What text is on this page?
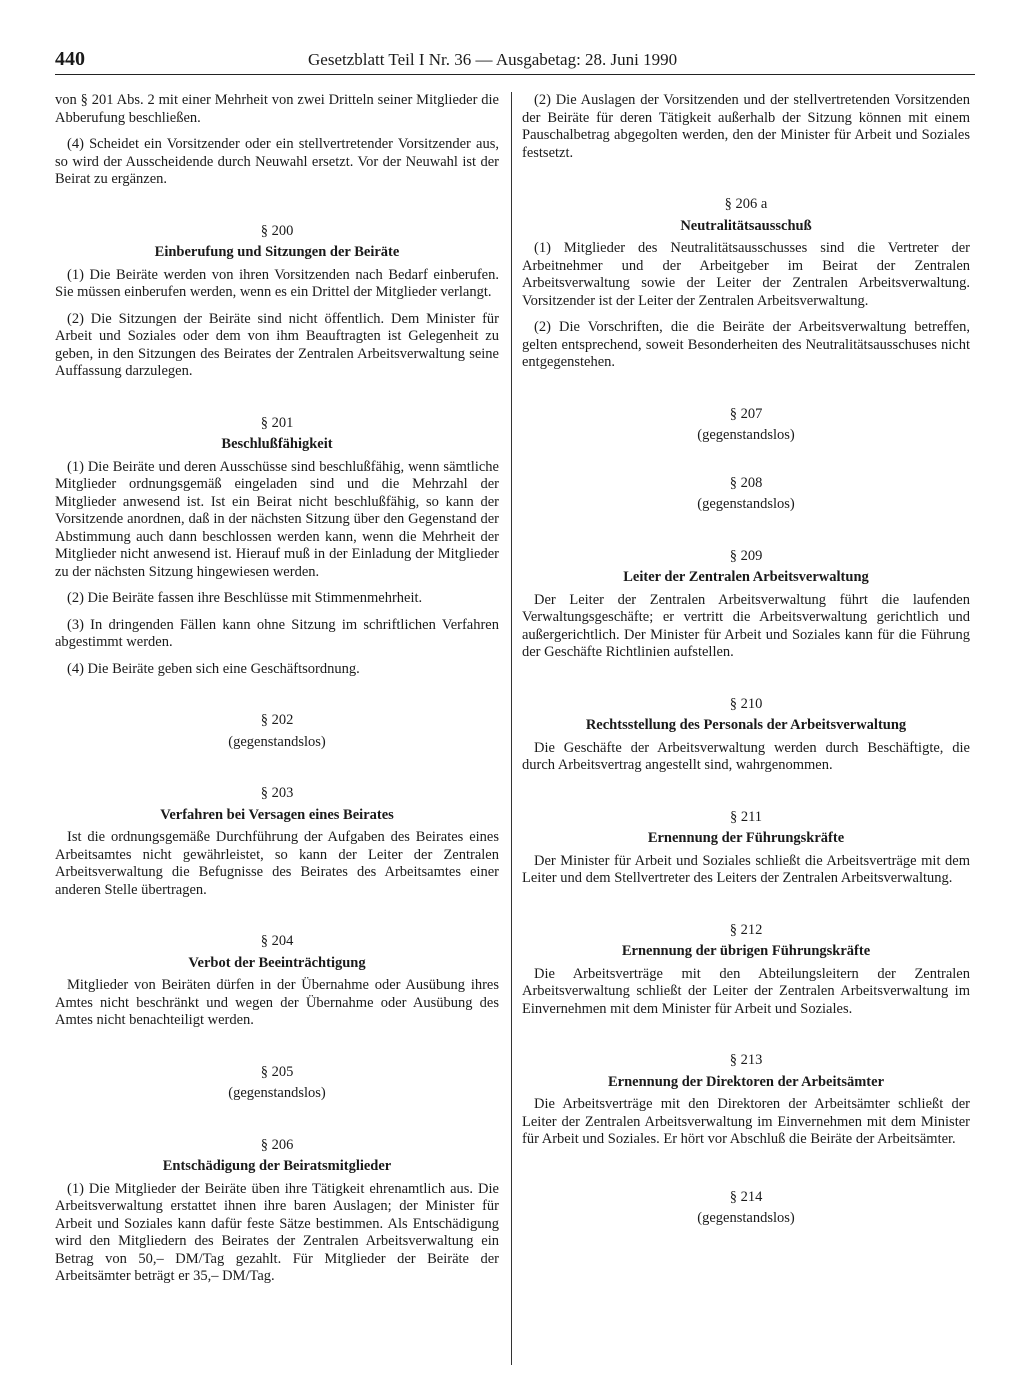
440	Gesetzblatt Teil I Nr. 36 — Ausgabetag: 28. Juni 1990

von § 201 Abs. 2 mit einer Mehrheit von zwei Dritteln seiner Mitglieder die Abberufung beschließen.

(4) Scheidet ein Vorsitzender oder ein stellvertretender Vorsitzender aus, so wird der Ausscheidende durch Neuwahl ersetzt. Vor der Neuwahl ist der Beirat zu ergänzen.

§ 200
Einberufung und Sitzungen der Beiräte

(1) Die Beiräte werden von ihren Vorsitzenden nach Bedarf einberufen. Sie müssen einberufen werden, wenn es ein Drittel der Mitglieder verlangt.

(2) Die Sitzungen der Beiräte sind nicht öffentlich. Dem Minister für Arbeit und Soziales oder dem von ihm Beauftragten ist Gelegenheit zu geben, in den Sitzungen des Beirates der Zentralen Arbeitsverwaltung seine Auffassung darzulegen.

§ 201
Beschlußfähigkeit

(1) Die Beiräte und deren Ausschüsse sind beschlußfähig, wenn sämtliche Mitglieder ordnungsgemäß eingeladen sind und die Mehrzahl der Mitglieder anwesend ist. Ist ein Beirat nicht beschlußfähig, so kann der Vorsitzende anordnen, daß in der nächsten Sitzung über den Gegenstand der Abstimmung auch dann beschlossen werden kann, wenn die Mehrheit der Mitglieder nicht anwesend ist. Hierauf muß in der Einladung der Mitglieder zu der nächsten Sitzung hingewiesen werden.

(2) Die Beiräte fassen ihre Beschlüsse mit Stimmenmehrheit.

(3) In dringenden Fällen kann ohne Sitzung im schriftlichen Verfahren abgestimmt werden.

(4) Die Beiräte geben sich eine Geschäftsordnung.

§ 202
(gegenstandslos)
§ 203
Verfahren bei Versagen eines Beirates

Ist die ordnungsgemäße Durchführung der Aufgaben des Beirates eines Arbeitsamtes nicht gewährleistet, so kann der Leiter der Zentralen Arbeitsverwaltung die Befugnisse des Beirates des Arbeitsamtes einer anderen Stelle übertragen.

§ 204
Verbot der Beeinträchtigung

Mitglieder von Beiräten dürfen in der Übernahme oder Ausübung ihres Amtes nicht beschränkt und wegen der Übernahme oder Ausübung des Amtes nicht benachteiligt werden.

§ 205
(gegenstandslos)
§ 206
Entschädigung der Beiratsmitglieder

(1) Die Mitglieder der Beiräte üben ihre Tätigkeit ehrenamtlich aus. Die Arbeitsverwaltung erstattet ihnen ihre baren Auslagen; der Minister für Arbeit und Soziales kann dafür feste Sätze bestimmen. Als Entschädigung wird den Mitgliedern des Beirates der Zentralen Arbeitsverwaltung ein Betrag von 50,– DM/Tag gezahlt. Für Mitglieder der Beiräte der Arbeitsämter beträgt er 35,– DM/Tag.

(2) Die Auslagen der Vorsitzenden und der stellvertretenden Vorsitzenden der Beiräte für deren Tätigkeit außerhalb der Sitzung können mit einem Pauschalbetrag abgegolten werden, den der Minister für Arbeit und Soziales festsetzt.

§ 206 a
Neutralitätsausschuß

(1) Mitglieder des Neutralitätsausschusses sind die Vertreter der Arbeitnehmer und der Arbeitgeber im Beirat der Zentralen Arbeitsverwaltung sowie der Leiter der Zentralen Arbeitsverwaltung. Vorsitzender ist der Leiter der Zentralen Arbeitsverwaltung.

(2) Die Vorschriften, die die Beiräte der Arbeitsverwaltung betreffen, gelten entsprechend, soweit Besonderheiten des Neutralitätsausschuses nicht entgegenstehen.

§ 207
(gegenstandslos)
§ 208
(gegenstandslos)
§ 209
Leiter der Zentralen Arbeitsverwaltung

Der Leiter der Zentralen Arbeitsverwaltung führt die laufenden Verwaltungsgeschäfte; er vertritt die Arbeitsverwaltung gerichtlich und außergerichtlich. Der Minister für Arbeit und Soziales kann für die Führung der Geschäfte Richtlinien aufstellen.

§ 210
Rechtsstellung des Personals der Arbeitsverwaltung

Die Geschäfte der Arbeitsverwaltung werden durch Beschäftigte, die durch Arbeitsvertrag angestellt sind, wahrgenommen.

§ 211
Ernennung der Führungskräfte

Der Minister für Arbeit und Soziales schließt die Arbeitsverträge mit dem Leiter und dem Stellvertreter des Leiters der Zentralen Arbeitsverwaltung.

§ 212
Ernennung der übrigen Führungskräfte

Die Arbeitsverträge mit den Abteilungsleitern der Zentralen Arbeitsverwaltung schließt der Leiter der Zentralen Arbeitsverwaltung im Einvernehmen mit dem Minister für Arbeit und Soziales.

§ 213
Ernennung der Direktoren der Arbeitsämter

Die Arbeitsverträge mit den Direktoren der Arbeitsämter schließt der Leiter der Zentralen Arbeitsverwaltung im Einvernehmen mit dem Minister für Arbeit und Soziales. Er hört vor Abschluß die Beiräte der Arbeitsämter.

§ 214
(gegenstandslos)
